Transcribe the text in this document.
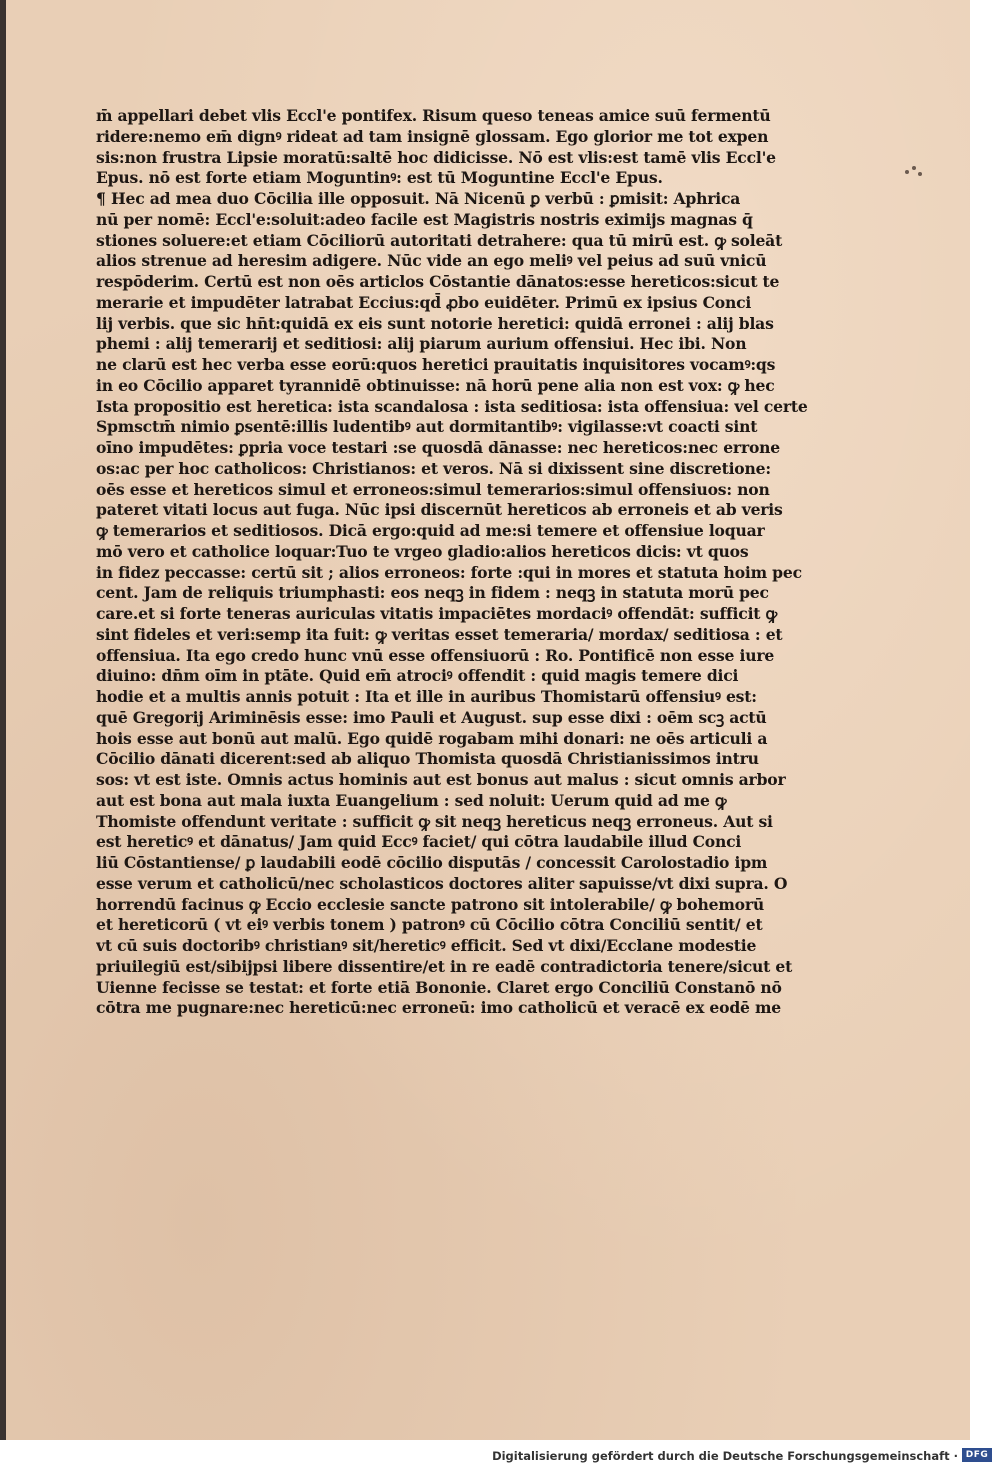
m̄ appellari debet vlis Eccl'e pontifex. Risum queso teneas amice suū fermentū
ridere:nemo em̄ dignꝰ rideat ad tam insignē glossam. Ego glorior me tot expen
sis:non frustra Lipsie moratū:saltē hoc didicisse. Nō est vlis:est tamē vlis Eccl'e
Epus. nō est forte etiam Moguntinꝰ: est tū Moguntine Eccl'e Epus.
¶ Hec ad mea duo Cōcilia ille opposuit. Nā Nicenū ꝑ verbū : ꝑmisit: Aphrica
nū per nomē: Eccl'e:soluit:adeo facile est Magistris nostris eximijs magnas q̄
stiones soluere:et etiam Cōciliorū autoritati detrahere: qua tū mirū est. ꝙ soleāt
alios strenue ad heresim adigere. Nūc vide an ego meliꝰ vel peius ad suū vnicū
respōderim. Certū est non oēs articlos Cōstantie dānatos:esse hereticos:sicut te
merarie et impudēter latrabat Eccius:qd̄ ꝓbo euidēter. Primū ex ipsius Conci
lij verbis. que sic hn̄t:quidā ex eis sunt notorie heretici: quidā erronei : alij blas
phemi : alij temerarij et seditiosi: alij piarum aurium offensiui. Hec ibi. Non
ne clarū est hec verba esse eorū:quos heretici prauitatis inquisitores vocamꝰ:qs
in eo Cōcilio apparet tyrannidē obtinuisse: nā horū pene alia non est vox: ꝙ hec
Ista propositio est heretica: ista scandalosa : ista seditiosa: ista offensiua: vel certe
Spmsctm̄ nimio ꝑsentē:illis ludentibꝰ aut dormitantibꝰ: vigilasse:vt coacti sint
oīno impudētes: ꝑpria voce testari :se quosdā dānasse: nec hereticos:nec errone
os:ac per hoc catholicos: Christianos: et veros. Nā si dixissent sine discretione:
oēs esse et hereticos simul et erroneos:simul temerarios:simul offensiuos: non
pateret vitati locus aut fuga. Nūc ipsi discernūt hereticos ab erroneis et ab veris
ꝙ temerarios et seditiosos. Dicā ergo:quid ad me:si temere et offensiue loquar
mō vero et catholice loquar:Tuo te vrgeo gladio:alios hereticos dicis: vt quos
in fidez peccasse: certū sit ; alios erroneos: forte :qui in mores et statuta hoim pec
cent. Jam de reliquis triumphasti: eos neqꝫ in fidem : neqꝫ in statuta morū pec
care.et si forte teneras auriculas vitatis impaciētes mordaciꝰ offendāt: sufficit ꝙ
sint fideles et veri:semp ita fuit: ꝙ veritas esset temeraria/ mordax/ seditiosa : et
offensiua. Ita ego credo hunc vnū esse offensiuorū : Ro. Pontificē non esse iure
diuino: dn̄m oīm in ptāte. Quid em̄ atrociꝰ offendit : quid magis temere dici
hodie et a multis annis potuit : Ita et ille in auribus Thomistarū offensiuꝰ est:
quē Gregorij Ariminēsis esse: imo Pauli et August. sup esse dixi : oēm scꝫ actū
hois esse aut bonū aut malū. Ego quidē rogabam mihi donari: ne oēs articuli a
Cōcilio dānati dicerent:sed ab aliquo Thomista quosdā Christianissimos intru
sos: vt est iste. Omnis actus hominis aut est bonus aut malus : sicut omnis arbor
aut est bona aut mala iuxta Euangelium : sed noluit: Uerum quid ad me ꝙ
Thomiste offendunt veritate : sufficit ꝙ sit neqꝫ hereticus neqꝫ erroneus. Aut si
est hereticꝰ et dānatus/ Jam quid Eccꝰ faciet/ qui cōtra laudabile illud Conci
liū Cōstantiense/ ꝑ laudabili eodē cōcilio disputās / concessit Carolostadio ipm
esse verum et catholicū/nec scholasticos doctores aliter sapuisse/vt dixi supra. O
horrendū facinus ꝙ Eccio ecclesie sancte patrono sit intolerabile/ ꝙ bohemorū
et hereticorū ( vt eiꝰ verbis tonem ) patronꝰ cū Cōcilio cōtra Conciliū sentit/ et
vt cū suis doctoribꝰ christianꝰ sit/hereticꝰ efficit. Sed vt dixi/Ecclane modestie
priuilegiū est/sibijpsi libere dissentire/et in re eadē contradictoria tenere/sicut et
Uienne fecisse se testat: et forte etiā Bononie. Claret ergo Conciliū Constanō nō
cōtra me pugnare:nec hereticū:nec erroneū: imo catholicū et veracē ex eodē me
Digitalisierung gefördert durch die Deutsche Forschungsgemeinschaft · DFG
